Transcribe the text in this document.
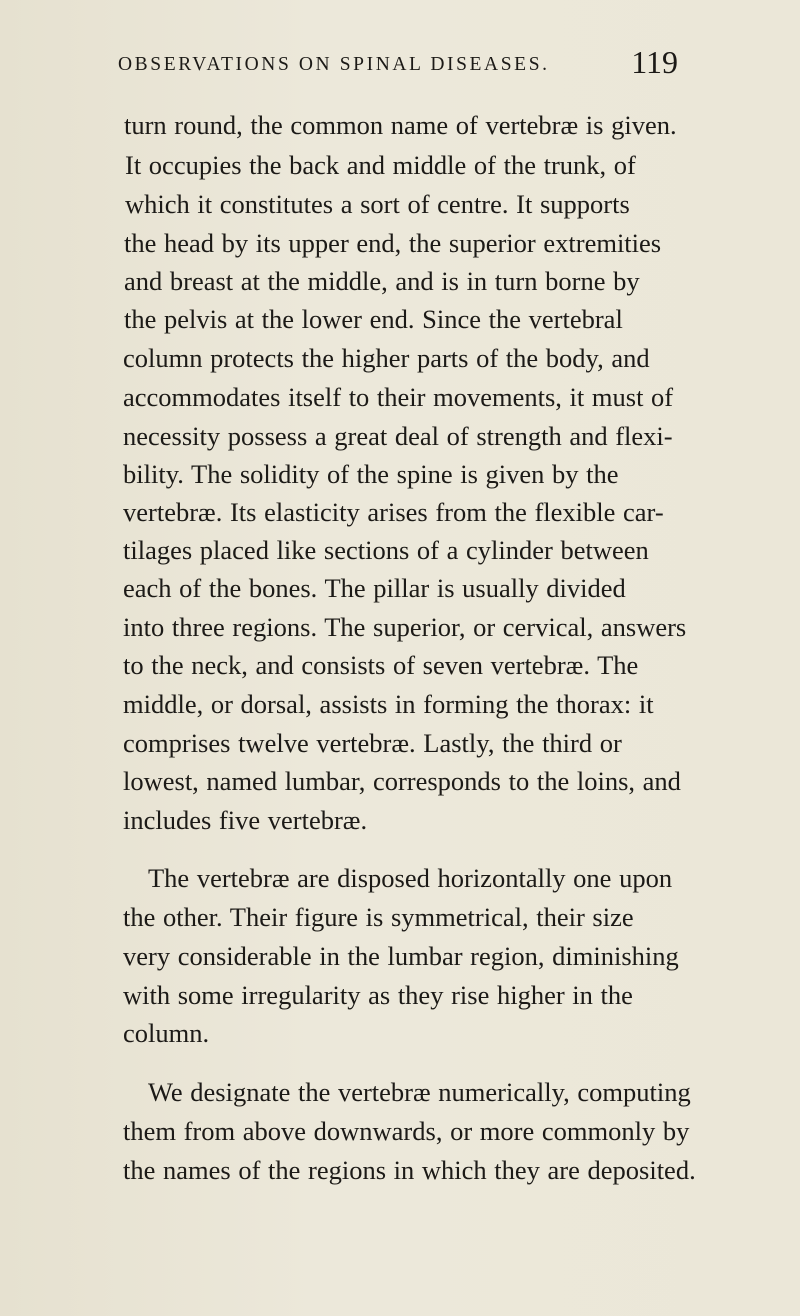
OBSERVATIONS ON SPINAL DISEASES.	119
turn round, the common name of vertebræ is given.
It occupies the back and middle of the trunk, of
which it constitutes a sort of centre. It supports
the head by its upper end, the superior extremities
and breast at the middle, and is in turn borne by
the pelvis at the lower end. Since the vertebral
column protects the higher parts of the body, and
accommodates itself to their movements, it must of
necessity possess a great deal of strength and flexi-
bility. The solidity of the spine is given by the
vertebræ. Its elasticity arises from the flexible car-
tilages placed like sections of a cylinder between
each of the bones. The pillar is usually divided
into three regions. The superior, or cervical, answers
to the neck, and consists of seven vertebræ. The
middle, or dorsal, assists in forming the thorax: it
comprises twelve vertebræ. Lastly, the third or
lowest, named lumbar, corresponds to the loins, and
includes five vertebræ.
The vertebræ are disposed horizontally one upon
the other. Their figure is symmetrical, their size
very considerable in the lumbar region, diminishing
with some irregularity as they rise higher in the
column.
We designate the vertebræ numerically, computing
them from above downwards, or more commonly by
the names of the regions in which they are deposited.
